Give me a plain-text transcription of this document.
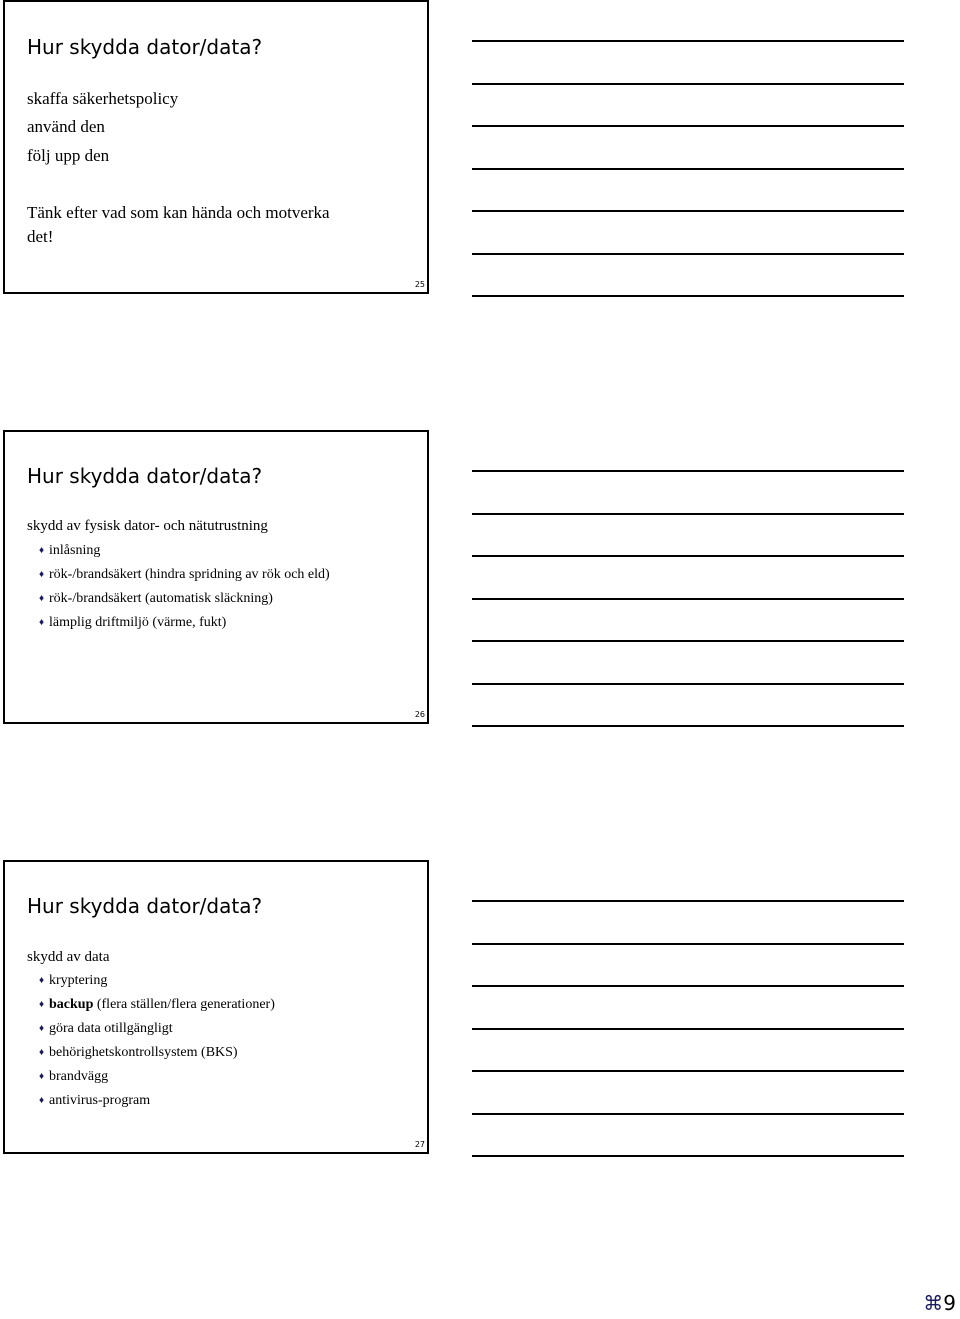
Hur skydda dator/data?
skaffa säkerhetspolicy
använd den
följ upp den
Tänk efter vad som kan hända och motverka
det!
25
Hur skydda dator/data?
skydd av fysisk dator- och nätutrustning
♦ inlåsning
♦ rök-/brandsäkert (hindra spridning av rök och eld)
♦ rök-/brandsäkert (automatisk släckning)
♦ lämplig driftmiljö (värme, fukt)
26
Hur skydda dator/data?
skydd av data
♦ kryptering
♦ backup (flera ställen/flera generationer)
♦ göra data otillgängligt
♦ behörighetskontrollsystem (BKS)
♦ brandvägg
♦ antivirus-program
27
⌘9
